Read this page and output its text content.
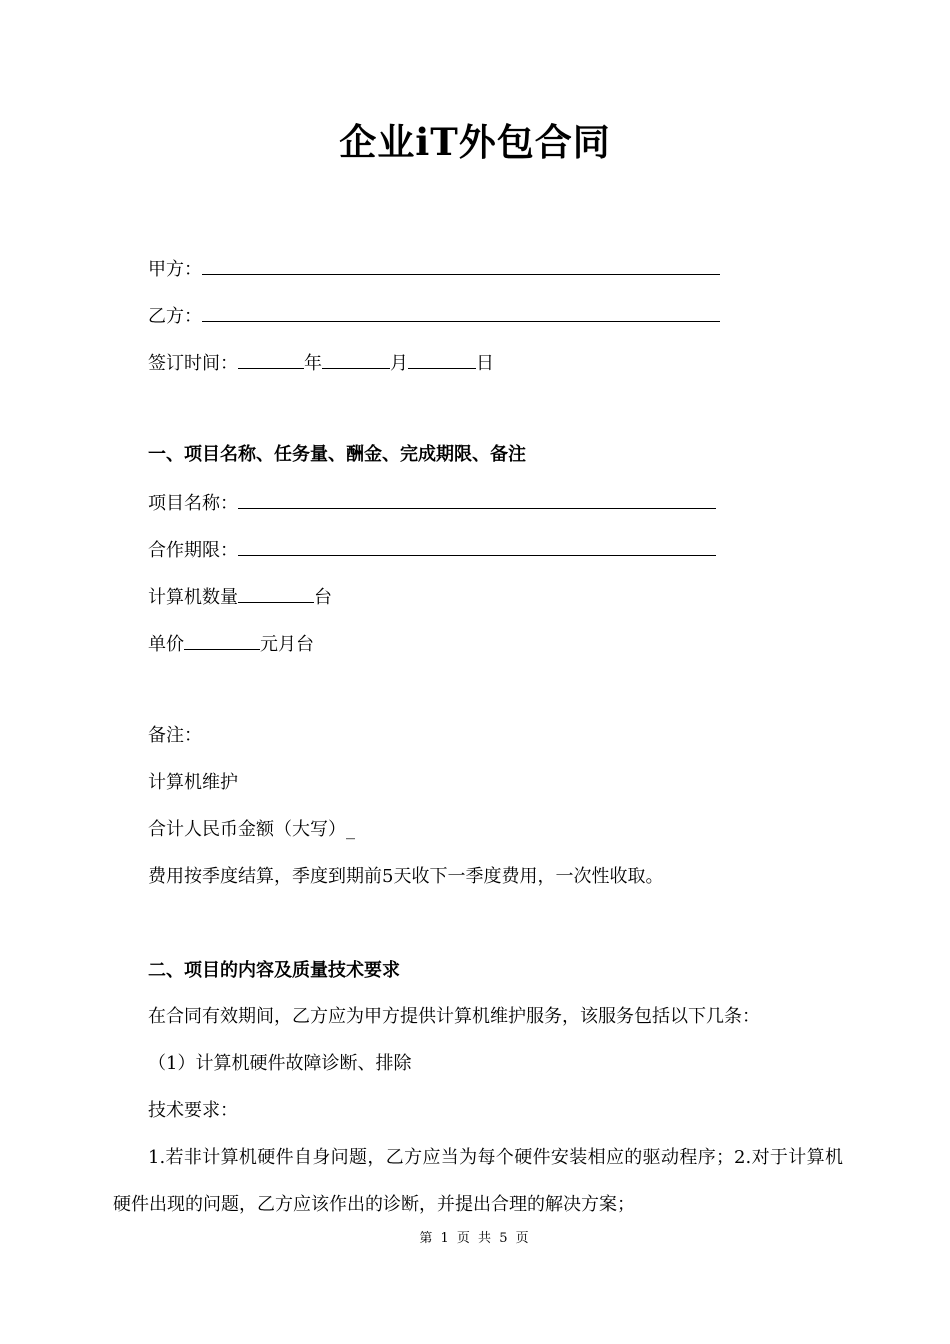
企业iT外包合同
甲方：
乙方：
签订时间：	年	月	日
一、项目名称、任务量、酬金、完成期限、备注
项目名称：
合作期限：
计算机数量	台
单价	元月台
备注：
计算机维护
合计人民币金额（大写）_
费用按季度结算，季度到期前5天收下一季度费用，一次性收取。
二、项目的内容及质量技术要求
在合同有效期间，乙方应为甲方提供计算机维护服务，该服务包括以下几条：
（1）计算机硬件故障诊断、排除
技术要求：
1.若非计算机硬件自身问题，乙方应当为每个硬件安装相应的驱动程序；2.对于计算机硬件出现的问题，乙方应该作出的诊断，并提出合理的解决方案；
第 1 页 共 5 页
